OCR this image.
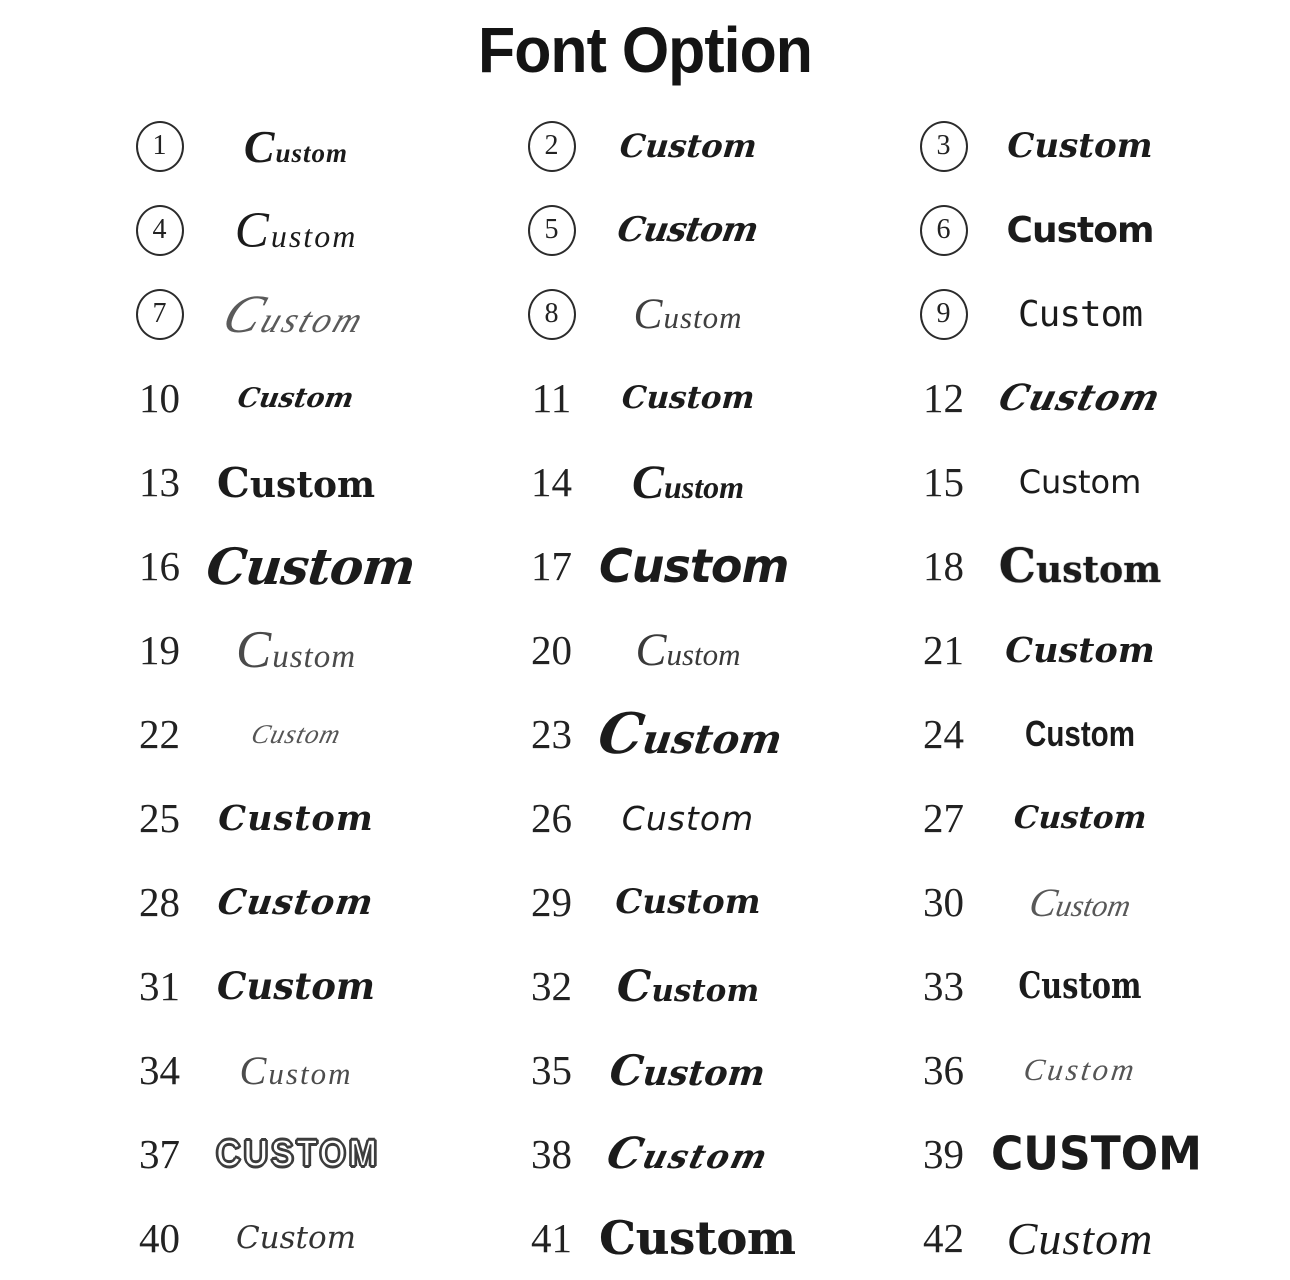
Font Option
1	Custom	2	Custom	3	Custom
4	Custom	5	Custom	6	Custom
7	Custom	8	Custom	9	Custom
10	Custom	11	Custom	12 Custom
13	Custom	14	Custom	15	Custom
16 Custom	17 Custom	18 Custom
19	Custom	20	Custom	21	Custom
22	Custom	23 Custom	24	Custom
25	Custom	26	Custom	27	Custom
28	Custom	29	Custom	30	Custom
31 Custom	32	Custom	33	Custom
34	Custom	35	Custom	36	Custom
37 CUSTOM	38 Custom	39 CUSTOM
40	Custom	41 Custom	42 Custom
